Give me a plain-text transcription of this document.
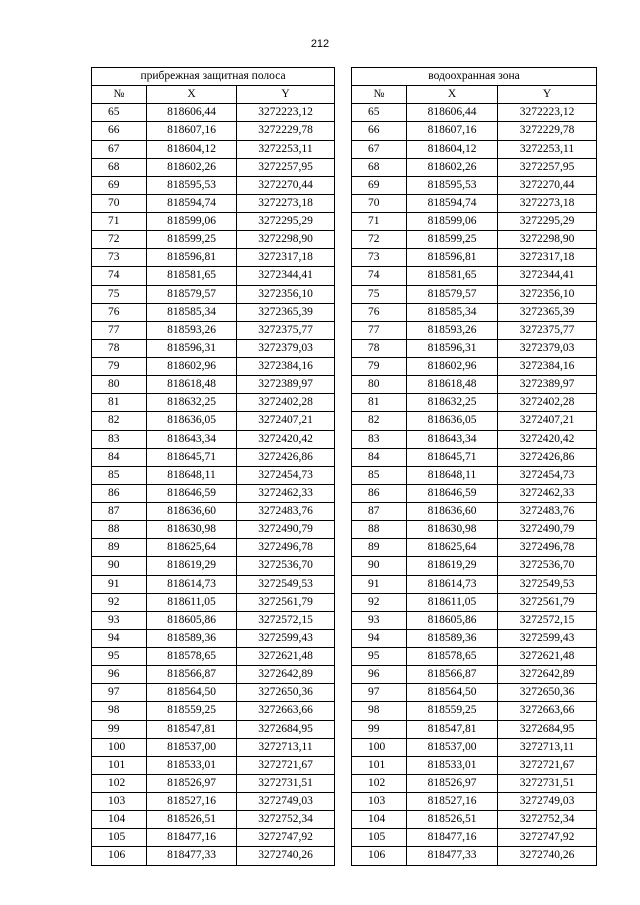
212
прибрежная защитная полоса		
№	X	Y
65	818606,44	3272223,12
66	818607,16	3272229,78
67	818604,12	3272253,11
68	818602,26	3272257,95
69	818595,53	3272270,44
70	818594,74	3272273,18
71	818599,06	3272295,29
72	818599,25	3272298,90
73	818596,81	3272317,18
74	818581,65	3272344,41
75	818579,57	3272356,10
76	818585,34	3272365,39
77	818593,26	3272375,77
78	818596,31	3272379,03
79	818602,96	3272384,16
80	818618,48	3272389,97
81	818632,25	3272402,28
82	818636,05	3272407,21
83	818643,34	3272420,42
84	818645,71	3272426,86
85	818648,11	3272454,73
86	818646,59	3272462,33
87	818636,60	3272483,76
88	818630,98	3272490,79
89	818625,64	3272496,78
90	818619,29	3272536,70
91	818614,73	3272549,53
92	818611,05	3272561,79
93	818605,86	3272572,15
94	818589,36	3272599,43
95	818578,65	3272621,48
96	818566,87	3272642,89
97	818564,50	3272650,36
98	818559,25	3272663,66
99	818547,81	3272684,95
100	818537,00	3272713,11
101	818533,01	3272721,67
102	818526,97	3272731,51
103	818527,16	3272749,03
104	818526,51	3272752,34
105	818477,16	3272747,92
106	818477,33	3272740,26
водоохранная зона		
№	X	Y
65	818606,44	3272223,12
66	818607,16	3272229,78
67	818604,12	3272253,11
68	818602,26	3272257,95
69	818595,53	3272270,44
70	818594,74	3272273,18
71	818599,06	3272295,29
72	818599,25	3272298,90
73	818596,81	3272317,18
74	818581,65	3272344,41
75	818579,57	3272356,10
76	818585,34	3272365,39
77	818593,26	3272375,77
78	818596,31	3272379,03
79	818602,96	3272384,16
80	818618,48	3272389,97
81	818632,25	3272402,28
82	818636,05	3272407,21
83	818643,34	3272420,42
84	818645,71	3272426,86
85	818648,11	3272454,73
86	818646,59	3272462,33
87	818636,60	3272483,76
88	818630,98	3272490,79
89	818625,64	3272496,78
90	818619,29	3272536,70
91	818614,73	3272549,53
92	818611,05	3272561,79
93	818605,86	3272572,15
94	818589,36	3272599,43
95	818578,65	3272621,48
96	818566,87	3272642,89
97	818564,50	3272650,36
98	818559,25	3272663,66
99	818547,81	3272684,95
100	818537,00	3272713,11
101	818533,01	3272721,67
102	818526,97	3272731,51
103	818527,16	3272749,03
104	818526,51	3272752,34
105	818477,16	3272747,92
106	818477,33	3272740,26
